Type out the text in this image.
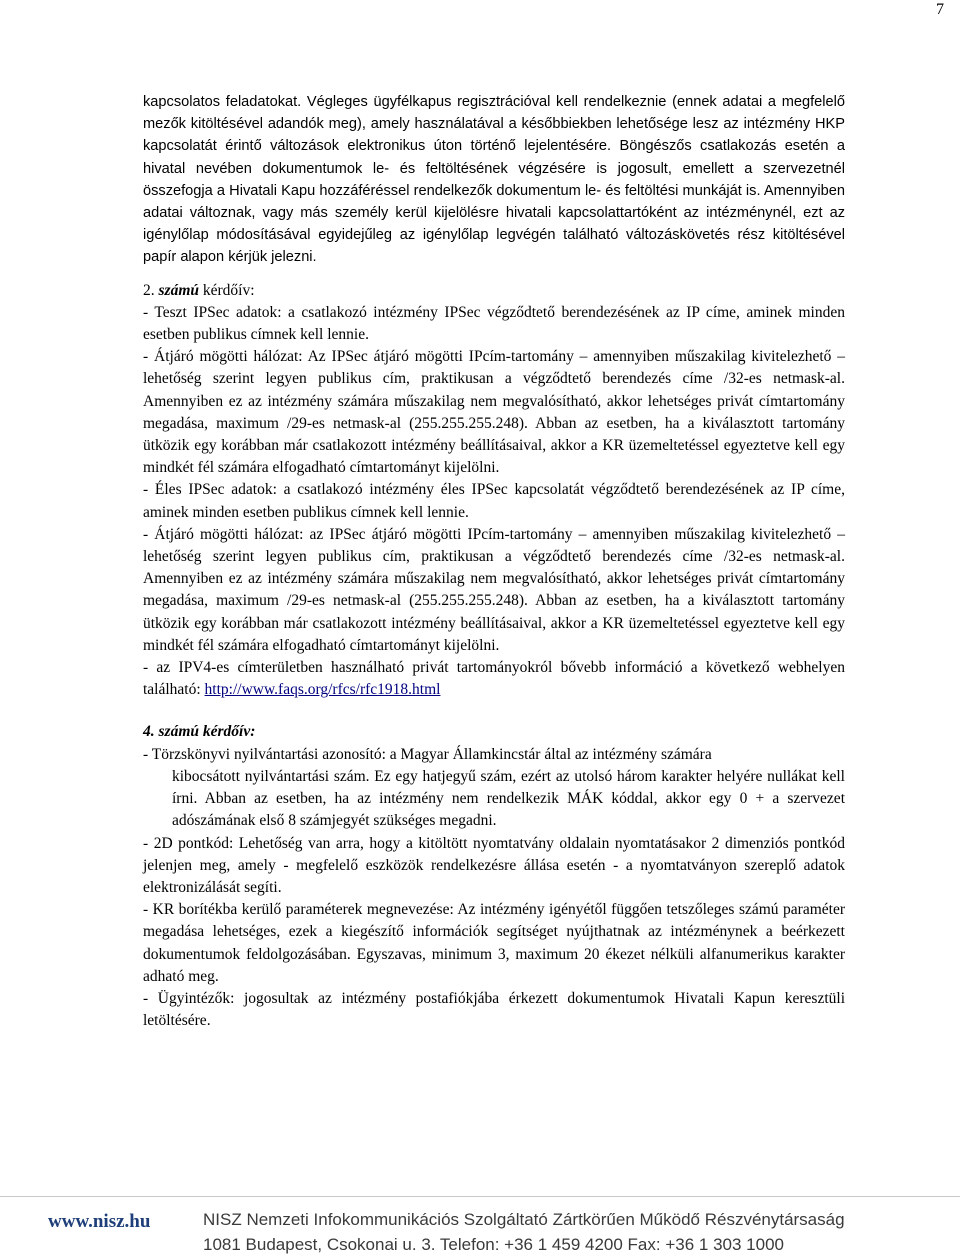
7

kapcsolatos feladatokat. Végleges ügyfélkapus regisztrációval kell rendelkeznie (ennek adatai a megfelelő mezők kitöltésével adandók meg), amely használatával a későbbiekben lehetősége lesz az intézmény HKP kapcsolatát érintő változások elektronikus úton történő lejelentésére. Böngészős csatlakozás esetén a hivatal nevében dokumentumok le- és feltöltésének végzésére is jogosult, emellett a szervezetnél összefogja a Hivatali Kapu hozzáféréssel rendelkezők dokumentum le- és feltöltési munkáját is. Amennyiben adatai változnak, vagy más személy kerül kijelölésre hivatali kapcsolattartóként az intézménynél, ezt az igénylőlap módosításával egyidejűleg az igénylőlap legvégén található változáskövetés rész kitöltésével papír alapon kérjük jelezni.

2. számú kérdőív:

- Teszt IPSec adatok: a csatlakozó intézmény IPSec végződtető berendezésének az IP címe, aminek minden esetben publikus címnek kell lennie.

- Átjáró mögötti hálózat: Az IPSec átjáró mögötti IPcím-tartomány – amennyiben műszakilag kivitelezhető – lehetőség szerint legyen publikus cím, praktikusan a végződtető berendezés címe /32-es netmask-al. Amennyiben ez az intézmény számára műszakilag nem megvalósítható, akkor lehetséges privát címtartomány megadása, maximum /29-es netmask-al (255.255.255.248). Abban az esetben, ha a kiválasztott tartomány ütközik egy korábban már csatlakozott intézmény beállításaival, akkor a KR üzemeltetéssel egyeztetve kell egy mindkét fél számára elfogadható címtartományt kijelölni.

- Éles IPSec adatok: a csatlakozó intézmény éles IPSec kapcsolatát végződtető berendezésének az IP címe, aminek minden esetben publikus címnek kell lennie.

- Átjáró mögötti hálózat: az IPSec átjáró mögötti IPcím-tartomány – amennyiben műszakilag kivitelezhető – lehetőség szerint legyen publikus cím, praktikusan a végződtető berendezés címe /32-es netmask-al. Amennyiben ez az intézmény számára műszakilag nem megvalósítható, akkor lehetséges privát címtartomány megadása, maximum /29-es netmask-al (255.255.255.248). Abban az esetben, ha a kiválasztott tartomány ütközik egy korábban már csatlakozott intézmény beállításaival, akkor a KR üzemeltetéssel egyeztetve kell egy mindkét fél számára elfogadható címtartományt kijelölni.

- az IPV4-es címterületben használható privát tartományokról bővebb információ a következő webhelyen található: http://www.faqs.org/rfcs/rfc1918.html

4. számú kérdőív:

- Törzskönyvi nyilvántartási azonosító: a Magyar Államkincstár által az intézmény számára

kibocsátott nyilvántartási szám. Ez egy hatjegyű szám, ezért az utolsó három karakter helyére nullákat kell írni. Abban az esetben, ha az intézmény nem rendelkezik MÁK kóddal, akkor egy 0 + a szervezet adószámának első 8 számjegyét szükséges megadni.

- 2D pontkód: Lehetőség van arra, hogy a kitöltött nyomtatvány oldalain nyomtatásakor 2 dimenziós pontkód jelenjen meg, amely - megfelelő eszközök rendelkezésre állása esetén - a nyomtatványon szereplő adatok elektronizálását segíti.

- KR borítékba kerülő paraméterek megnevezése: Az intézmény igényétől függően tetszőleges számú paraméter megadása lehetséges, ezek a kiegészítő információk segítséget nyújthatnak az intézménynek a beérkezett dokumentumok feldolgozásában. Egyszavas, minimum 3, maximum 20 ékezet nélküli alfanumerikus karakter adható meg.

- Ügyintézők: jogosultak az intézmény postafiókjába érkezett dokumentumok Hivatali Kapun keresztüli letöltésére.

www.nisz.hu	NISZ Nemzeti Infokommunikációs Szolgáltató Zártkörűen Működő Részvénytársaság
1081 Budapest, Csokonai u. 3. Telefon: +36 1 459 4200 Fax: +36 1 303 1000
